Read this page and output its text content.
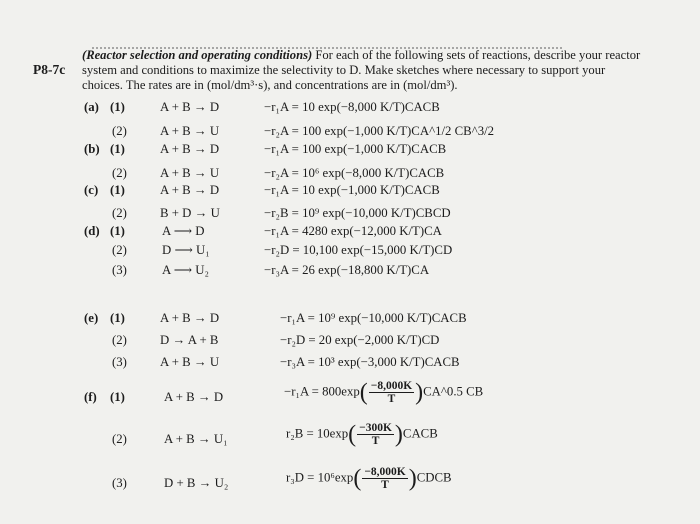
P8-7c
(Reactor selection and operating conditions) For each of the following sets of reactions, describe your reactor system and conditions to maximize the selectivity to D. Make sketches where necessary to support your choices. The rates are in (mol/dm³·s), and concentrations are in (mol/dm³).
(a) (1)	A + B → D	−r₁A = 10 exp(−8,000 K/T)CACB
(2)	A + B → U	−r₂A = 100 exp(−1,000 K/T)CA^1/2 CB^3/2
(b) (1)	A + B → D	−r₁A = 100 exp(−1,000 K/T)CACB
(2)	A + B → U	−r₂A = 10⁶ exp(−8,000 K/T)CACB
(c) (1)	A + B → D	−r₁A = 10 exp(−1,000 K/T)CACB
(2)	B + D → U	−r₂B = 10⁹ exp(−10,000 K/T)CBCD
(d) (1)	A ⟶ D	−r₁A = 4280 exp(−12,000 K/T)CA
(2)	D ⟶ U₁	−r₂D = 10,100 exp(−15,000 K/T)CD
(3)	A ⟶ U₂	−r₃A = 26 exp(−18,800 K/T)CA
(e) (1)	A + B → D	−r₁A = 10⁹ exp(−10,000 K/T)CACB
(2)	D → A + B	−r₂D = 20 exp(−2,000 K/T)CD
(3)	A + B → U	−r₃A = 10³ exp(−3,000 K/T)CACB
(f) (1)	A + B → D	$-r_1A = 800\exp( \frac{-8,000K}{T}$ )CA^0.5 CB
(2)	A + B → U₁	$r_2B = 10\exp( \frac{-300K}{T}$ )CACB
(3)	D + B → U₂	$r_3D = 10^6\exp( \frac{-8,000K}{T}$ )CDCB
